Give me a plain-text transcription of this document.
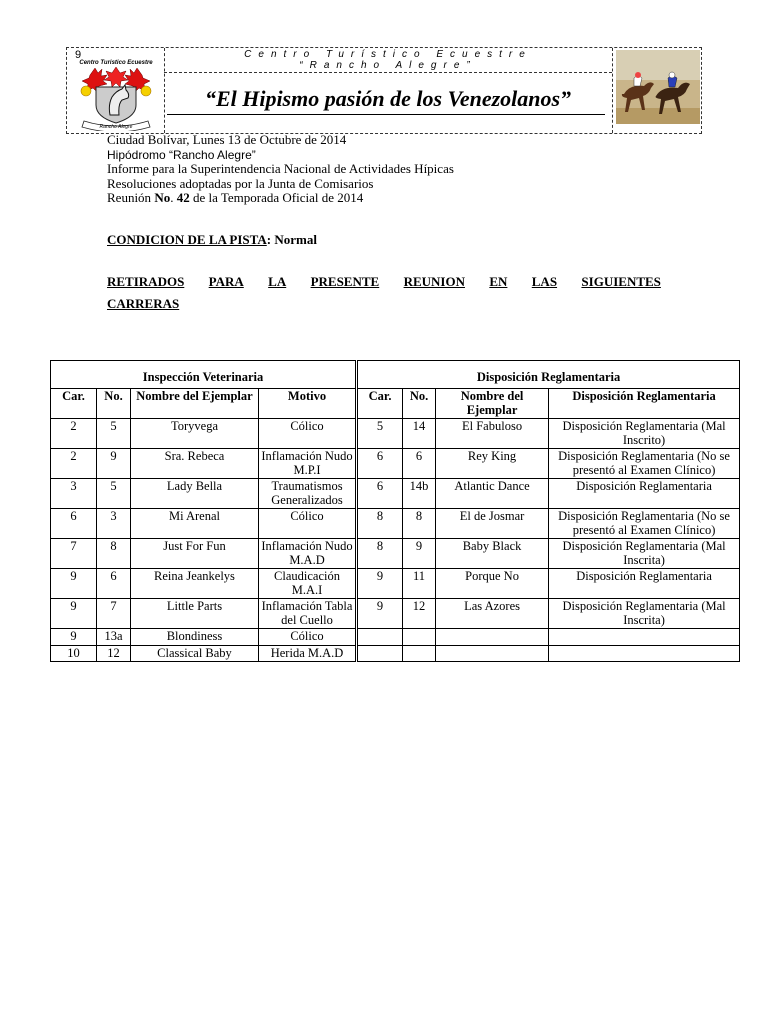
9
Centro Turistico Ecuestre
Rancho Alegre
Centro Turístico Ecuestre
“Rancho Alegre”
“El Hipismo pasión de los Venezolanos”
Ciudad Bolívar, Lunes 13 de Octubre de 2014
Hipódromo “Rancho Alegre”
Informe para la Superintendencia Nacional de Actividades Hípicas
Resoluciones adoptadas por la Junta de Comisarios
Reunión No. 42 de la Temporada Oficial de 2014
CONDICION DE LA PISTA: Normal
RETIRADOS PARA LA PRESENTE REUNION EN LAS SIGUIENTES
CARRERAS
Inspección Veterinaria				Disposición Reglamentaria			
Car.	No.	Nombre del Ejemplar	Motivo	Car.	No.	Nombre del Ejemplar	Disposición Reglamentaria
2	5	Toryvega	Cólico	5	14	El Fabuloso	Disposición Reglamentaria (Mal Inscrito)
2	9	Sra. Rebeca	Inflamación Nudo M.P.I	6	6	Rey King	Disposición Reglamentaria (No se presentó al Examen Clínico)
3	5	Lady Bella	Traumatismos Generalizados	6	14b	Atlantic Dance	Disposición Reglamentaria
6	3	Mi Arenal	Cólico	8	8	El de Josmar	Disposición Reglamentaria (No se presentó al Examen Clínico)
7	8	Just For Fun	Inflamación Nudo M.A.D	8	9	Baby Black	Disposición Reglamentaria (Mal Inscrita)
9	6	Reina Jeankelys	Claudicación M.A.I	9	11	Porque No	Disposición Reglamentaria
9	7	Little Parts	Inflamación Tabla del Cuello	9	12	Las Azores	Disposición Reglamentaria (Mal Inscrita)
9	13a	Blondiness	Cólico				
10	12	Classical Baby	Herida M.A.D				
